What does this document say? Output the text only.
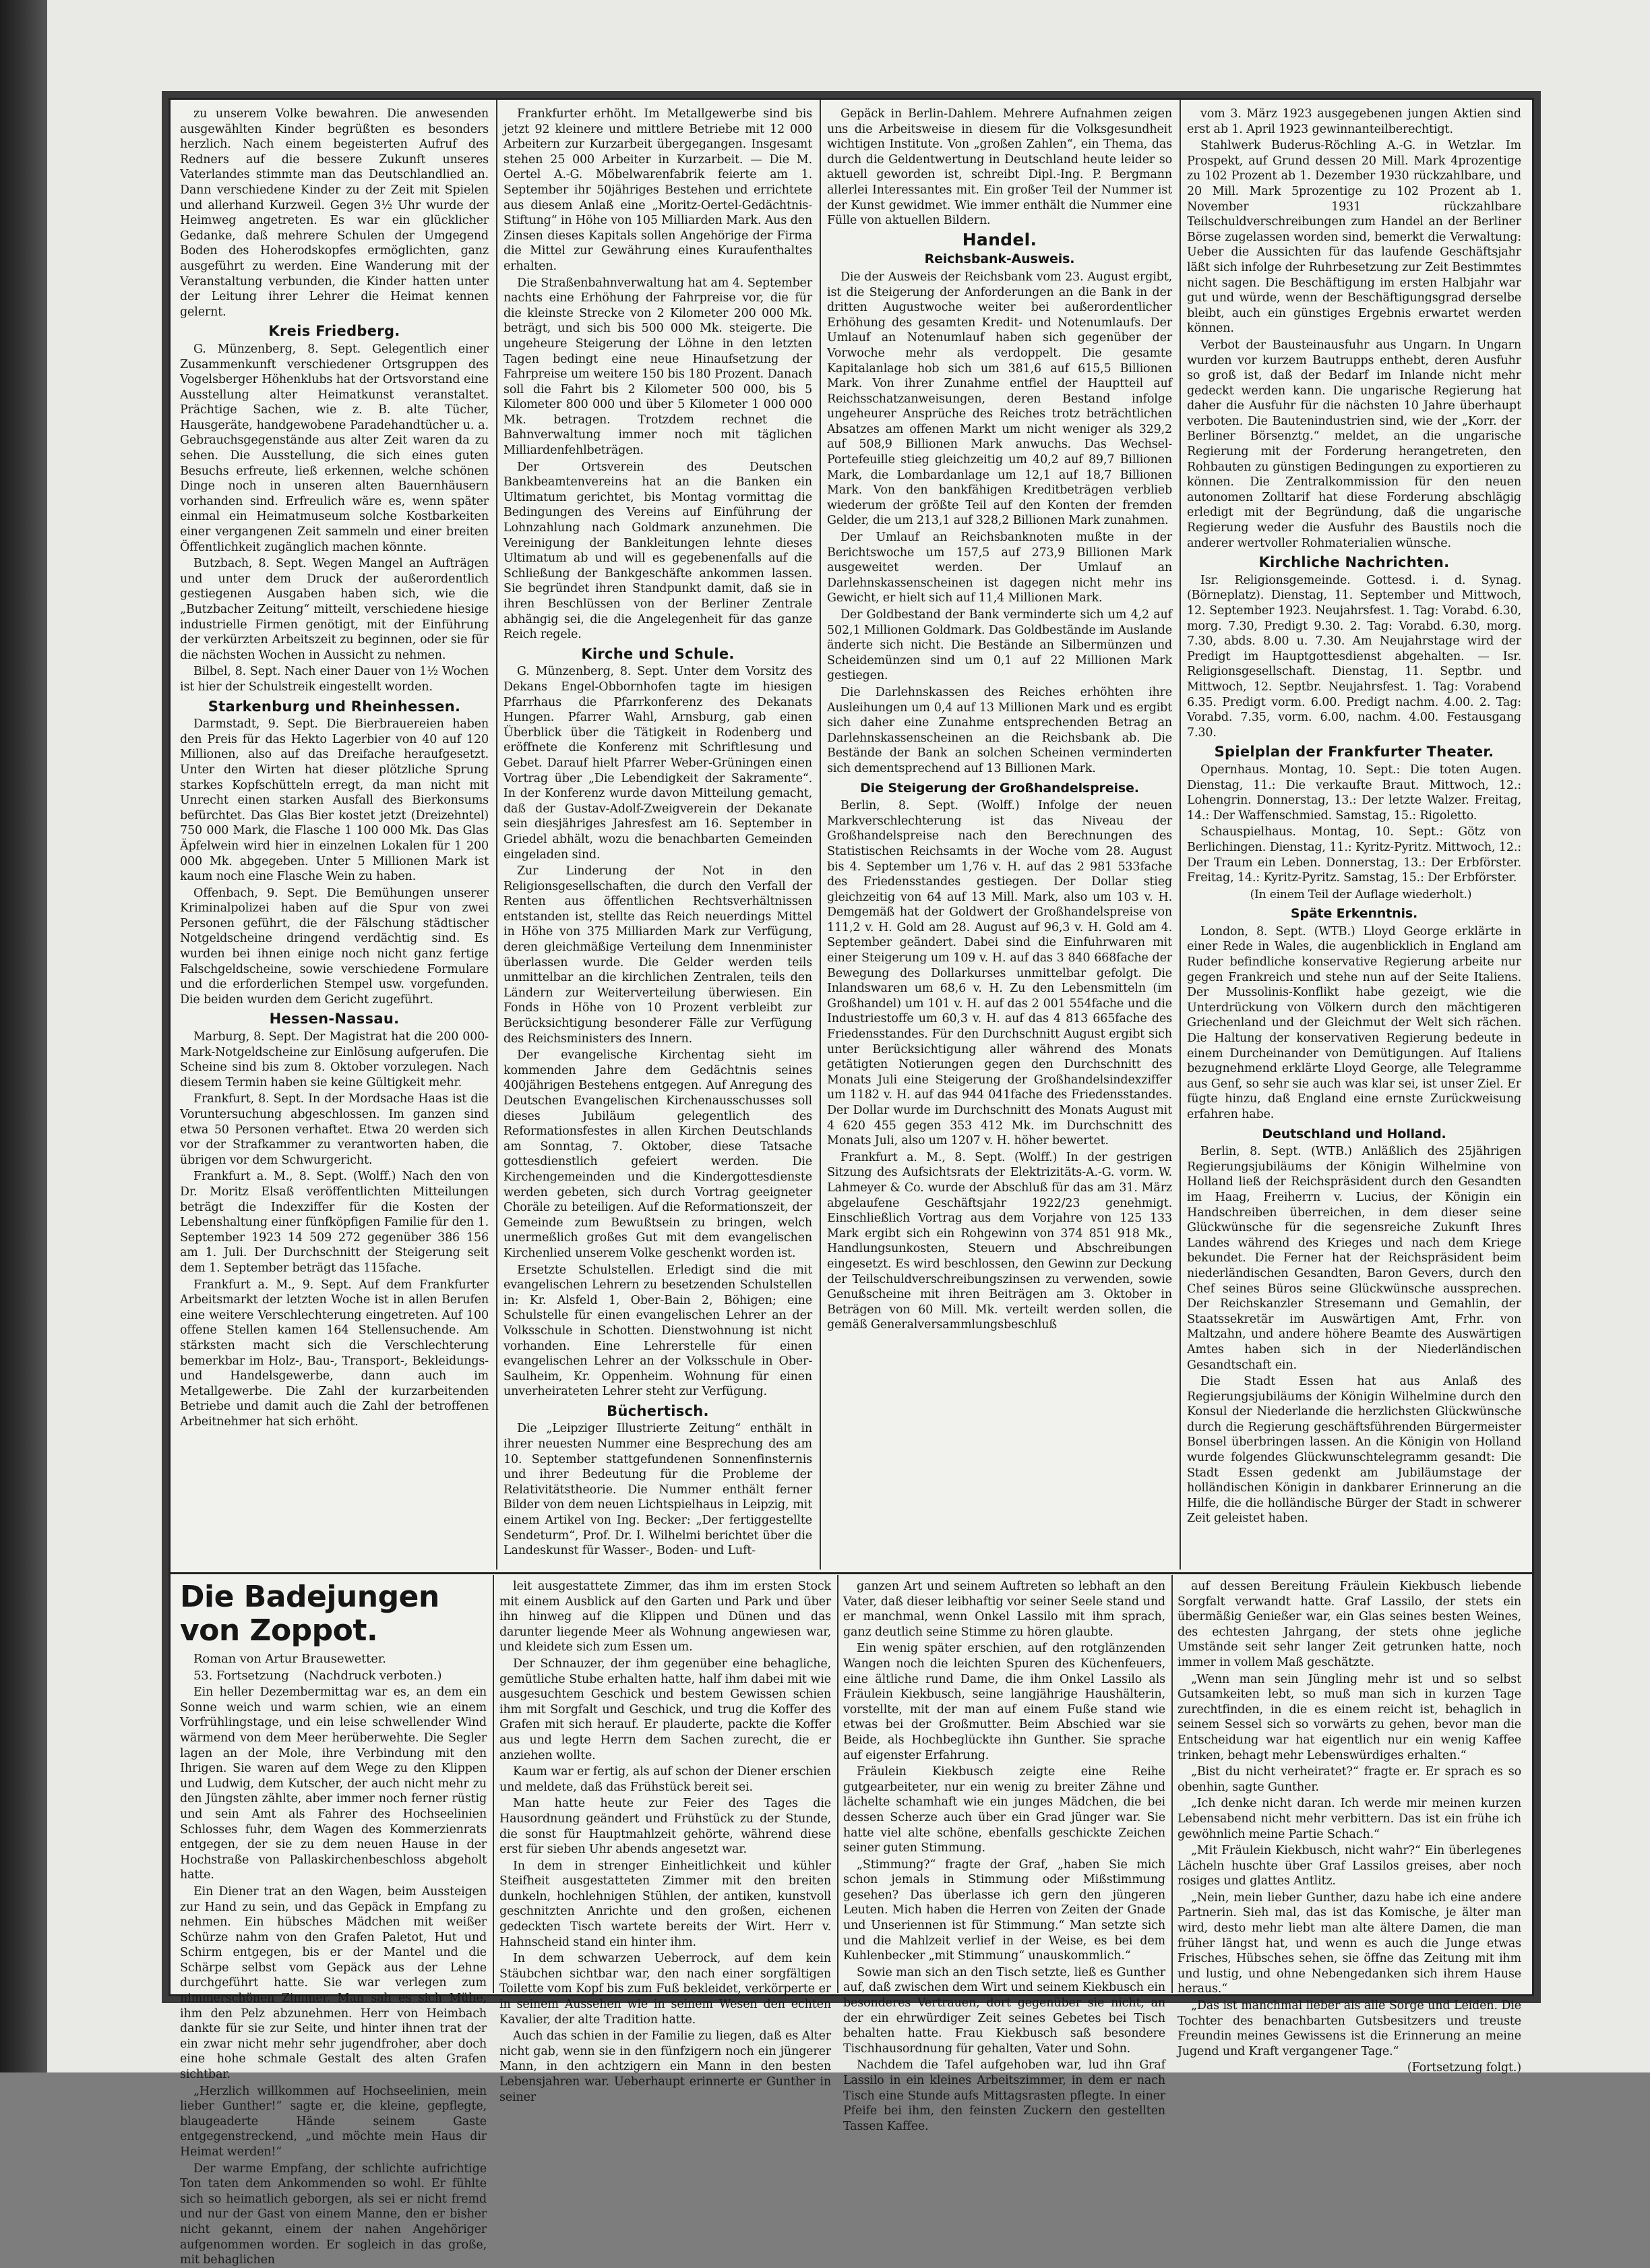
zu unserem Volke bewahren. Die anwesenden ausgewählten Kinder begrüßten es besonders herzlich. Nach einem begeisterten Aufruf des Redners auf die bessere Zukunft unseres Vaterlandes stimmte man das Deutschlandlied an. Dann verschiedene Kinder zu der Zeit mit Spielen und allerhand Kurzweil. Gegen 3½ Uhr wurde der Heimweg angetreten. Es war ein glücklicher Gedanke, daß mehrere Schulen der Umgegend Boden des Hoherodskopfes ermöglichten, ganz ausgeführt zu werden. Eine Wanderung mit der Veranstaltung verbunden, die Kinder hatten unter der Leitung ihrer Lehrer die Heimat kennen gelernt.

Kreis Friedberg.

G. Münzenberg, 8. Sept. Gelegentlich einer Zusammenkunft verschiedener Ortsgruppen des Vogelsberger Höhenklubs hat der Ortsvorstand eine Ausstellung alter Heimatkunst veranstaltet. Prächtige Sachen, wie z. B. alte Tücher, Hausgeräte, handgewobene Paradehandtücher u. a. Gebrauchsgegenstände aus alter Zeit waren da zu sehen. Die Ausstellung, die sich eines guten Besuchs erfreute, ließ erkennen, welche schönen Dinge noch in unseren alten Bauernhäusern vorhanden sind. Erfreulich wäre es, wenn später einmal ein Heimatmuseum solche Kostbarkeiten einer vergangenen Zeit sammeln und einer breiten Öffentlichkeit zugänglich machen könnte.

Butzbach, 8. Sept. Wegen Mangel an Aufträgen und unter dem Druck der außerordentlich gestiegenen Ausgaben haben sich, wie die „Butzbacher Zeitung“ mitteilt, verschiedene hiesige industrielle Firmen genötigt, mit der Einführung der verkürzten Arbeitszeit zu beginnen, oder sie für die nächsten Wochen in Aussicht zu nehmen.

Bilbel, 8. Sept. Nach einer Dauer von 1½ Wochen ist hier der Schulstreik eingestellt worden.

Starkenburg und Rheinhessen.

Darmstadt, 9. Sept. Die Bierbrauereien haben den Preis für das Hekto Lagerbier von 40 auf 120 Millionen, also auf das Dreifache heraufgesetzt. Unter den Wirten hat dieser plötzliche Sprung starkes Kopfschütteln erregt, da man nicht mit Unrecht einen starken Ausfall des Bierkonsums befürchtet. Das Glas Bier kostet jetzt (Dreizehntel) 750 000 Mark, die Flasche 1 100 000 Mk. Das Glas Äpfelwein wird hier in einzelnen Lokalen für 1 200 000 Mk. abgegeben. Unter 5 Millionen Mark ist kaum noch eine Flasche Wein zu haben.

Offenbach, 9. Sept. Die Bemühungen unserer Kriminalpolizei haben auf die Spur von zwei Personen geführt, die der Fälschung städtischer Notgeldscheine dringend verdächtig sind. Es wurden bei ihnen einige noch nicht ganz fertige Falschgeldscheine, sowie verschiedene Formulare und die erforderlichen Stempel usw. vorgefunden. Die beiden wurden dem Gericht zugeführt.

Hessen-Nassau.

Marburg, 8. Sept. Der Magistrat hat die 200 000-Mark-Notgeldscheine zur Einlösung aufgerufen. Die Scheine sind bis zum 8. Oktober vorzulegen. Nach diesem Termin haben sie keine Gültigkeit mehr.

Frankfurt, 8. Sept. In der Mordsache Haas ist die Voruntersuchung abgeschlossen. Im ganzen sind etwa 50 Personen verhaftet. Etwa 20 werden sich vor der Strafkammer zu verantworten haben, die übrigen vor dem Schwurgericht.

Frankfurt a. M., 8. Sept. (Wolff.) Nach den von Dr. Moritz Elsaß veröffentlichten Mitteilungen beträgt die Indexziffer für die Kosten der Lebenshaltung einer fünfköpfigen Familie für den 1. September 1923 14 509 272 gegenüber 386 156 am 1. Juli. Der Durchschnitt der Steigerung seit dem 1. September beträgt das 115fache.

Frankfurt a. M., 9. Sept. Auf dem Frankfurter Arbeitsmarkt der letzten Woche ist in allen Berufen eine weitere Verschlechterung eingetreten. Auf 100 offene Stellen kamen 164 Stellensuchende. Am stärksten macht sich die Verschlechterung bemerkbar im Holz-, Bau-, Transport-, Bekleidungs- und Handelsgewerbe, dann auch im Metallgewerbe. Die Zahl der kurzarbeitenden Betriebe und damit auch die Zahl der betroffenen Arbeitnehmer hat sich erhöht.

Frankfurter erhöht. Im Metallgewerbe sind bis jetzt 92 kleinere und mittlere Betriebe mit 12 000 Arbeitern zur Kurzarbeit übergegangen. Insgesamt stehen 25 000 Arbeiter in Kurzarbeit. — Die M. Oertel A.-G. Möbelwarenfabrik feierte am 1. September ihr 50jähriges Bestehen und errichtete aus diesem Anlaß eine „Moritz-Oertel-Gedächtnis-Stiftung“ in Höhe von 105 Milliarden Mark. Aus den Zinsen dieses Kapitals sollen Angehörige der Firma die Mittel zur Gewährung eines Kuraufenthaltes erhalten.

Die Straßenbahnverwaltung hat am 4. September nachts eine Erhöhung der Fahrpreise vor, die für die kleinste Strecke von 2 Kilometer 200 000 Mk. beträgt, und sich bis 500 000 Mk. steigerte. Die ungeheure Steigerung der Löhne in den letzten Tagen bedingt eine neue Hinaufsetzung der Fahrpreise um weitere 150 bis 180 Prozent. Danach soll die Fahrt bis 2 Kilometer 500 000, bis 5 Kilometer 800 000 und über 5 Kilometer 1 000 000 Mk. betragen. Trotzdem rechnet die Bahnverwaltung immer noch mit täglichen Milliardenfehlbeträgen.

Der Ortsverein des Deutschen Bankbeamtenvereins hat an die Banken ein Ultimatum gerichtet, bis Montag vormittag die Bedingungen des Vereins auf Einführung der Lohnzahlung nach Goldmark anzunehmen. Die Vereinigung der Bankleitungen lehnte dieses Ultimatum ab und will es gegebenenfalls auf die Schließung der Bankgeschäfte ankommen lassen. Sie begründet ihren Standpunkt damit, daß sie in ihren Beschlüssen von der Berliner Zentrale abhängig sei, die die Angelegenheit für das ganze Reich regele.

Kirche und Schule.

G. Münzenberg, 8. Sept. Unter dem Vorsitz des Dekans Engel-Obbornhofen tagte im hiesigen Pfarrhaus die Pfarrkonferenz des Dekanats Hungen. Pfarrer Wahl, Arnsburg, gab einen Überblick über die Tätigkeit in Rodenberg und eröffnete die Konferenz mit Schriftlesung und Gebet. Darauf hielt Pfarrer Weber-Grüningen einen Vortrag über „Die Lebendigkeit der Sakramente“. In der Konferenz wurde davon Mitteilung gemacht, daß der Gustav-Adolf-Zweigverein der Dekanate sein diesjähriges Jahresfest am 16. September in Griedel abhält, wozu die benachbarten Gemeinden eingeladen sind.

Zur Linderung der Not in den Religionsgesellschaften, die durch den Verfall der Renten aus öffentlichen Rechtsverhältnissen entstanden ist, stellte das Reich neuerdings Mittel in Höhe von 375 Milliarden Mark zur Verfügung, deren gleichmäßige Verteilung dem Innenminister überlassen wurde. Die Gelder werden teils unmittelbar an die kirchlichen Zentralen, teils den Ländern zur Weiterverteilung überwiesen. Ein Fonds in Höhe von 10 Prozent verbleibt zur Berücksichtigung besonderer Fälle zur Verfügung des Reichsministers des Innern.

Der evangelische Kirchentag sieht im kommenden Jahre dem Gedächtnis seines 400jährigen Bestehens entgegen. Auf Anregung des Deutschen Evangelischen Kirchenausschusses soll dieses Jubiläum gelegentlich des Reformationsfestes in allen Kirchen Deutschlands am Sonntag, 7. Oktober, diese Tatsache gottesdienstlich gefeiert werden. Die Kirchengemeinden und die Kindergottesdienste werden gebeten, sich durch Vortrag geeigneter Choräle zu beteiligen. Auf die Reformationszeit, der Gemeinde zum Bewußtsein zu bringen, welch unermeßlich großes Gut mit dem evangelischen Kirchenlied unserem Volke geschenkt worden ist.

Ersetzte Schulstellen. Erledigt sind die mit evangelischen Lehrern zu besetzenden Schulstellen in: Kr. Alsfeld 1, Ober-Bain 2, Böhigen; eine Schulstelle für einen evangelischen Lehrer an der Volksschule in Schotten. Dienstwohnung ist nicht vorhanden. Eine Lehrerstelle für einen evangelischen Lehrer an der Volksschule in Ober-Saulheim, Kr. Oppenheim. Wohnung für einen unverheirateten Lehrer steht zur Verfügung.

Büchertisch.

Die „Leipziger Illustrierte Zeitung“ enthält in ihrer neuesten Nummer eine Besprechung des am 10. September stattgefundenen Sonnenfinsternis und ihrer Bedeutung für die Probleme der Relativitätstheorie. Die Nummer enthält ferner Bilder von dem neuen Lichtspielhaus in Leipzig, mit einem Artikel von Ing. Becker: „Der fertiggestellte Sendeturm“, Prof. Dr. I. Wilhelmi berichtet über die Landeskunst für Wasser-, Boden- und Luft-

Gepäck in Berlin-Dahlem. Mehrere Aufnahmen zeigen uns die Arbeitsweise in diesem für die Volksgesundheit wichtigen Institute. Von „großen Zahlen“, ein Thema, das durch die Geldentwertung in Deutschland heute leider so aktuell geworden ist, schreibt Dipl.-Ing. P. Bergmann allerlei Interessantes mit. Ein großer Teil der Nummer ist der Kunst gewidmet. Wie immer enthält die Nummer eine Fülle von aktuellen Bildern.

Handel.
Reichsbank-Ausweis.

Die der Ausweis der Reichsbank vom 23. August ergibt, ist die Steigerung der Anforderungen an die Bank in der dritten Augustwoche weiter bei außerordentlicher Erhöhung des gesamten Kredit- und Notenumlaufs. Der Umlauf an Notenumlauf haben sich gegenüber der Vorwoche mehr als verdoppelt. Die gesamte Kapitalanlage hob sich um 381,6 auf 615,5 Billionen Mark. Von ihrer Zunahme entfiel der Hauptteil auf Reichsschatzanweisungen, deren Bestand infolge ungeheurer Ansprüche des Reiches trotz beträchtlichen Absatzes am offenen Markt um nicht weniger als 329,2 auf 508,9 Billionen Mark anwuchs. Das Wechsel-Portefeuille stieg gleichzeitig um 40,2 auf 89,7 Billionen Mark, die Lombardanlage um 12,1 auf 18,7 Billionen Mark. Von den bankfähigen Kreditbeträgen verblieb wiederum der größte Teil auf den Konten der fremden Gelder, die um 213,1 auf 328,2 Billionen Mark zunahmen.

Der Umlauf an Reichsbanknoten mußte in der Berichtswoche um 157,5 auf 273,9 Billionen Mark ausgeweitet werden. Der Umlauf an Darlehnskassenscheinen ist dagegen nicht mehr ins Gewicht, er hielt sich auf 11,4 Millionen Mark.

Der Goldbestand der Bank verminderte sich um 4,2 auf 502,1 Millionen Goldmark. Das Goldbestände im Auslande änderte sich nicht. Die Bestände an Silbermünzen und Scheidemünzen sind um 0,1 auf 22 Millionen Mark gestiegen.

Die Darlehnskassen des Reiches erhöhten ihre Ausleihungen um 0,4 auf 13 Millionen Mark und es ergibt sich daher eine Zunahme entsprechenden Betrag an Darlehnskassenscheinen an die Reichsbank ab. Die Bestände der Bank an solchen Scheinen verminderten sich dementsprechend auf 13 Billionen Mark.

Die Steigerung der Großhandelspreise.

Berlin, 8. Sept. (Wolff.) Infolge der neuen Markverschlechterung ist das Niveau der Großhandelspreise nach den Berechnungen des Statistischen Reichsamts in der Woche vom 28. August bis 4. September um 1,76 v. H. auf das 2 981 533fache des Friedensstandes gestiegen. Der Dollar stieg gleichzeitig von 64 auf 13 Mill. Mark, also um 103 v. H. Demgemäß hat der Goldwert der Großhandelspreise von 111,2 v. H. Gold am 28. August auf 96,3 v. H. Gold am 4. September geändert. Dabei sind die Einfuhrwaren mit einer Steigerung um 109 v. H. auf das 3 840 668fache der Bewegung des Dollarkurses unmittelbar gefolgt. Die Inlandswaren um 68,6 v. H. Zu den Lebensmitteln (im Großhandel) um 101 v. H. auf das 2 001 554fache und die Industriestoffe um 60,3 v. H. auf das 4 813 665fache des Friedensstandes. Für den Durchschnitt August ergibt sich unter Berücksichtigung aller während des Monats getätigten Notierungen gegen den Durchschnitt des Monats Juli eine Steigerung der Großhandelsindexziffer um 1182 v. H. auf das 944 041fache des Friedensstandes. Der Dollar wurde im Durchschnitt des Monats August mit 4 620 455 gegen 353 412 Mk. im Durchschnitt des Monats Juli, also um 1207 v. H. höher bewertet.

Frankfurt a. M., 8. Sept. (Wolff.) In der gestrigen Sitzung des Aufsichtsrats der Elektrizitäts-A.-G. vorm. W. Lahmeyer & Co. wurde der Abschluß für das am 31. März abgelaufene Geschäftsjahr 1922/23 genehmigt. Einschließlich Vortrag aus dem Vorjahre von 125 133 Mark ergibt sich ein Rohgewinn von 374 851 918 Mk., Handlungsunkosten, Steuern und Abschreibungen eingesetzt. Es wird beschlossen, den Gewinn zur Deckung der Teilschuldverschreibungszinsen zu verwenden, sowie Genußscheine mit ihren Beiträgen am 3. Oktober in Beträgen von 60 Mill. Mk. verteilt werden sollen, die gemäß Generalversammlungsbeschluß

vom 3. März 1923 ausgegebenen jungen Aktien sind erst ab 1. April 1923 gewinnanteilberechtigt.

Stahlwerk Buderus-Röchling A.-G. in Wetzlar. Im Prospekt, auf Grund dessen 20 Mill. Mark 4prozentige zu 102 Prozent ab 1. Dezember 1930 rückzahlbare, und 20 Mill. Mark 5prozentige zu 102 Prozent ab 1. November 1931 rückzahlbare Teilschuldverschreibungen zum Handel an der Berliner Börse zugelassen worden sind, bemerkt die Verwaltung: Ueber die Aussichten für das laufende Geschäftsjahr läßt sich infolge der Ruhrbesetzung zur Zeit Bestimmtes nicht sagen. Die Beschäftigung im ersten Halbjahr war gut und würde, wenn der Beschäftigungsgrad derselbe bleibt, auch ein günstiges Ergebnis erwartet werden können.

Verbot der Bausteinausfuhr aus Ungarn. In Ungarn wurden vor kurzem Bautrupps enthebt, deren Ausfuhr so groß ist, daß der Bedarf im Inlande nicht mehr gedeckt werden kann. Die ungarische Regierung hat daher die Ausfuhr für die nächsten 10 Jahre überhaupt verboten. Die Bautenindustrien sind, wie der „Korr. der Berliner Börsenztg.“ meldet, an die ungarische Regierung mit der Forderung herangetreten, den Rohbauten zu günstigen Bedingungen zu exportieren zu können. Die Zentralkommission für den neuen autonomen Zolltarif hat diese Forderung abschlägig erledigt mit der Begründung, daß die ungarische Regierung weder die Ausfuhr des Baustils noch die anderer wertvoller Rohmaterialien wünsche.

Kirchliche Nachrichten.

Isr. Religionsgemeinde. Gottesd. i. d. Synag. (Börneplatz). Dienstag, 11. September und Mittwoch, 12. September 1923. Neujahrsfest. 1. Tag: Vorabd. 6.30, morg. 7.30, Predigt 9.30. 2. Tag: Vorabd. 6.30, morg. 7.30, abds. 8.00 u. 7.30. Am Neujahrstage wird der Predigt im Hauptgottesdienst abgehalten. — Isr. Religionsgesellschaft. Dienstag, 11. Septbr. und Mittwoch, 12. Septbr. Neujahrsfest. 1. Tag: Vorabend 6.35. Predigt vorm. 6.00. Predigt nachm. 4.00. 2. Tag: Vorabd. 7.35, vorm. 6.00, nachm. 4.00. Festausgang 7.30.

Spielplan der Frankfurter Theater.

Opernhaus. Montag, 10. Sept.: Die toten Augen. Dienstag, 11.: Die verkaufte Braut. Mittwoch, 12.: Lohengrin. Donnerstag, 13.: Der letzte Walzer. Freitag, 14.: Der Waffenschmied. Samstag, 15.: Rigoletto.

Schauspielhaus. Montag, 10. Sept.: Götz von Berlichingen. Dienstag, 11.: Kyritz-Pyritz. Mittwoch, 12.: Der Traum ein Leben. Donnerstag, 13.: Der Erbförster. Freitag, 14.: Kyritz-Pyritz. Samstag, 15.: Der Erbförster.

(In einem Teil der Auflage wiederholt.)

Späte Erkenntnis.

London, 8. Sept. (WTB.) Lloyd George erklärte in einer Rede in Wales, die augenblicklich in England am Ruder befindliche konservative Regierung arbeite nur gegen Frankreich und stehe nun auf der Seite Italiens. Der Mussolinis-Konflikt habe gezeigt, wie die Unterdrückung von Völkern durch den mächtigeren Griechenland und der Gleichmut der Welt sich rächen. Die Haltung der konservativen Regierung bedeute in einem Durcheinander von Demütigungen. Auf Italiens bezugnehmend erklärte Lloyd George, alle Telegramme aus Genf, so sehr sie auch was klar sei, ist unser Ziel. Er fügte hinzu, daß England eine ernste Zurückweisung erfahren habe.

Deutschland und Holland.

Berlin, 8. Sept. (WTB.) Anläßlich des 25jährigen Regierungsjubiläums der Königin Wilhelmine von Holland ließ der Reichspräsident durch den Gesandten im Haag, Freiherrn v. Lucius, der Königin ein Handschreiben überreichen, in dem dieser seine Glückwünsche für die segensreiche Zukunft Ihres Landes während des Krieges und nach dem Kriege bekundet. Die Ferner hat der Reichspräsident beim niederländischen Gesandten, Baron Gevers, durch den Chef seines Büros seine Glückwünsche aussprechen. Der Reichskanzler Stresemann und Gemahlin, der Staatssekretär im Auswärtigen Amt, Frhr. von Maltzahn, und andere höhere Beamte des Auswärtigen Amtes haben sich in der Niederländischen Gesandtschaft ein.

Die Stadt Essen hat aus Anlaß des Regierungsjubiläums der Königin Wilhelmine durch den Konsul der Niederlande die herzlichsten Glückwünsche durch die Regierung geschäftsführenden Bürgermeister Bonsel überbringen lassen. An die Königin von Holland wurde folgendes Glückwunschtelegramm gesandt: Die Stadt Essen gedenkt am Jubiläumstage der holländischen Königin in dankbarer Erinnerung an die Hilfe, die die holländische Bürger der Stadt in schwerer Zeit geleistet haben.

Die Badejungen von Zoppot.

Roman von Artur Brausewetter.

53. Fortsetzung (Nachdruck verboten.)

Ein heller Dezembermittag war es, an dem ein Sonne weich und warm schien, wie an einem Vorfrühlingstage, und ein leise schwellender Wind wärmend von dem Meer herüberwehte. Die Segler lagen an der Mole, ihre Verbindung mit den Ihrigen. Sie waren auf dem Wege zu den Klippen und Ludwig, dem Kutscher, der auch nicht mehr zu den Jüngsten zählte, aber immer noch ferner rüstig und sein Amt als Fahrer des Hochseelinien Schlosses fuhr, dem Wagen des Kommerzienrats entgegen, der sie zu dem neuen Hause in der Hochstraße von Pallaskirchenbeschloss abgeholt hatte.

Ein Diener trat an den Wagen, beim Aussteigen zur Hand zu sein, und das Gepäck in Empfang zu nehmen. Ein hübsches Mädchen mit weißer Schürze nahm von den Grafen Paletot, Hut und Schirm entgegen, bis er der Mantel und die Schärpe selbst vom Gepäck aus der Lehne durchgeführt hatte. Sie war verlegen zum nimmerschönen Zimmer. Man sah es sich Mühe, ihm den Pelz abzunehmen. Herr von Heimbach dankte für sie zur Seite, und hinter ihnen trat der ein zwar nicht mehr sehr jugendfroher, aber doch eine hohe schmale Gestalt des alten Grafen sichtbar.

„Herzlich willkommen auf Hochseelinien, mein lieber Gunther!“ sagte er, die kleine, gepflegte, blaugeaderte Hände seinem Gaste entgegenstreckend, „und möchte mein Haus dir Heimat werden!“

Der warme Empfang, der schlichte aufrichtige Ton taten dem Ankommenden so wohl. Er fühlte sich so heimatlich geborgen, als sei er nicht fremd und nur der Gast von einem Manne, den er bisher nicht gekannt, einem der nahen Angehöriger aufgenommen worden. Er sogleich in das große, mit behaglichen

leit ausgestattete Zimmer, das ihm im ersten Stock mit einem Ausblick auf den Garten und Park und über ihn hinweg auf die Klippen und Dünen und das darunter liegende Meer als Wohnung angewiesen war, und kleidete sich zum Essen um.

Der Schnauzer, der ihm gegenüber eine behagliche, gemütliche Stube erhalten hatte, half ihm dabei mit wie ausgesuchtem Geschick und bestem Gewissen schien ihm mit Sorgfalt und Geschick, und trug die Koffer des Grafen mit sich herauf. Er plauderte, packte die Koffer aus und legte Herrn dem Sachen zurecht, die er anziehen wollte.

Kaum war er fertig, als auf schon der Diener erschien und meldete, daß das Frühstück bereit sei.

Man hatte heute zur Feier des Tages die Hausordnung geändert und Frühstück zu der Stunde, die sonst für Hauptmahlzeit gehörte, während diese erst für sieben Uhr abends angesetzt war.

In dem in strenger Einheitlichkeit und kühler Steifheit ausgestatteten Zimmer mit den breiten dunkeln, hochlehnigen Stühlen, der antiken, kunstvoll geschnitzten Anrichte und den großen, eichenen gedeckten Tisch wartete bereits der Wirt. Herr v. Hahnscheid stand ein hinter ihm.

In dem schwarzen Ueberrock, auf dem kein Stäubchen sichtbar war, den nach einer sorgfältigen Toilette vom Kopf bis zum Fuß bekleidet, verkörperte er in seinem Aussehen wie in seinem Wesen den echten Kavalier, der alte Tradition hatte.

Auch das schien in der Familie zu liegen, daß es Alter nicht gab, wenn sie in den fünfzigern noch ein jüngerer Mann, in den achtzigern ein Mann in den besten Lebensjahren war. Ueberhaupt erinnerte er Gunther in seiner

ganzen Art und seinem Auftreten so lebhaft an den Vater, daß dieser leibhaftig vor seiner Seele stand und er manchmal, wenn Onkel Lassilo mit ihm sprach, ganz deutlich seine Stimme zu hören glaubte.

Ein wenig später erschien, auf den rotglänzenden Wangen noch die leichten Spuren des Küchenfeuers, eine ältliche rund Dame, die ihm Onkel Lassilo als Fräulein Kiekbusch, seine langjährige Haushälterin, vorstellte, mit der man auf einem Fuße stand wie etwas bei der Großmutter. Beim Abschied war sie Beide, als Hochbeglückte ihn Gunther. Sie sprache auf eigenster Erfahrung.

Fräulein Kiekbusch zeigte eine Reihe gutgearbeiteter, nur ein wenig zu breiter Zähne und lächelte schamhaft wie ein junges Mädchen, die bei dessen Scherze auch über ein Grad jünger war. Sie hatte viel alte schöne, ebenfalls geschickte Zeichen seiner guten Stimmung.

„Stimmung?“ fragte der Graf, „haben Sie mich schon jemals in Stimmung oder Mißstimmung gesehen? Das überlasse ich gern den jüngeren Leuten. Mich haben die Herren von Zeiten der Gnade und Unseriennen ist für Stimmung.“ Man setzte sich und die Mahlzeit verlief in der Weise, es bei dem Kuhlenbecker „mit Stimmung“ unauskommlich.“

Sowie man sich an den Tisch setzte, ließ es Gunther auf, daß zwischen dem Wirt und seinem Kiekbusch ein besonderes Vertrauen, dort gegenüber sie nicht, an der ein ehrwürdiger Zeit seines Gebetes bei Tisch behalten hatte. Frau Kiekbusch saß besondere Tischhausordnung für gehalten, Vater und Sohn.

Nachdem die Tafel aufgehoben war, lud ihn Graf Lassilo in ein kleines Arbeitszimmer, in dem er nach Tisch eine Stunde aufs Mittagsrasten pflegte. In einer Pfeife bei ihm, den feinsten Zuckern den gestellten Tassen Kaffee.

auf dessen Bereitung Fräulein Kiekbusch liebende Sorgfalt verwandt hatte. Graf Lassilo, der stets ein übermäßig Genießer war, ein Glas seines besten Weines, des echtesten Jahrgang, der stets ohne jegliche Umstände seit sehr langer Zeit getrunken hatte, noch immer in vollem Maß geschätzte.

„Wenn man sein Jüngling mehr ist und so selbst Gutsamkeiten lebt, so muß man sich in kurzen Tage zurechtfinden, in die es einem reicht ist, behaglich in seinem Sessel sich so vorwärts zu gehen, bevor man die Entscheidung war hat eigentlich nur ein wenig Kaffee trinken, behagt mehr Lebenswürdiges erhalten.“

„Bist du nicht verheiratet?“ fragte er. Er sprach es so obenhin, sagte Gunther.

„Ich denke nicht daran. Ich werde mir meinen kurzen Lebensabend nicht mehr verbittern. Das ist ein frühe ich gewöhnlich meine Partie Schach.“

„Mit Fräulein Kiekbusch, nicht wahr?“ Ein überlegenes Lächeln huschte über Graf Lassilos greises, aber noch rosiges und glattes Antlitz.

„Nein, mein lieber Gunther, dazu habe ich eine andere Partnerin. Sieh mal, das ist das Komische, je älter man wird, desto mehr liebt man alte ältere Damen, die man früher längst hat, und wenn es auch die Junge etwas Frisches, Hübsches sehen, sie öffne das Zeitung mit ihm und lustig, und ohne Nebengedanken sich ihrem Hause heraus.“

„Das ist manchmal lieber als alle Sorge und Leiden. Die Tochter des benachbarten Gutsbesitzers und treuste Freundin meines Gewissens ist die Erinnerung an meine Jugend und Kraft vergangener Tage.“

(Fortsetzung folgt.)
